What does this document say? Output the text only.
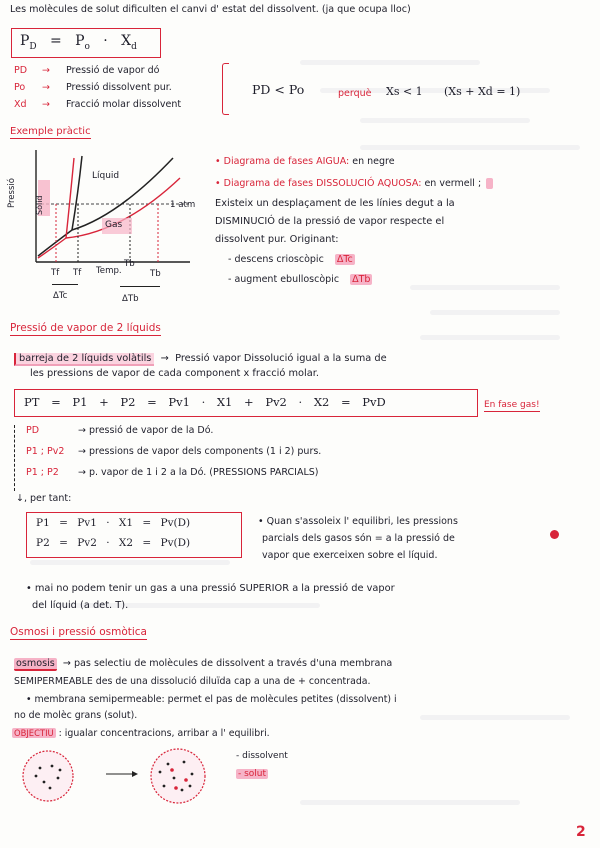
Les molècules de solut dificulten el canvi d' estat del dissolvent. (ja que ocupa lloc)
$P_D = P_o \cdot X_d$
PD → Pressió de vapor dó
Po → Pressió dissolvent pur.
Xd → Fracció molar dissolvent
PD < Po	perquè Xs < 1 (Xs + Xd = 1)
Exemple pràctic
Pressió Sòlid
Líquid
Gas
1 atm
Temp.
Tf Tf
Tb
Tb
ΔTc	ΔTb
• Diagrama de fases AIGUA: en negre
• Diagrama de fases DISSOLUCIÓ AQUOSA: en vermell ;
Existeix un desplaçament de les línies degut a la
DISMINUCIÓ de la pressió de vapor respecte el
dissolvent pur. Originant:
- descens crioscòpic ΔTc
- augment ebulloscòpic ΔTb
Pressió de vapor de 2 líquids
barreja de 2 líquids volàtils → Pressió vapor Dissolució igual a la suma de
les pressions de vapor de cada component x fracció molar.
PT = P1 + P2 = Pv1 · X1 + Pv2 · X2 = PvD	En fase gas!
PD	→ pressió de vapor de la Dó.
P1 ; Pv2 → pressions de vapor dels components (1 i 2) purs.
P1 ; P2 → p. vapor de 1 i 2 a la Dó. (PRESSIONS PARCIALS)
↓, per tant:
P1 = Pv1 · X1 = Pv(D)
P2 = Pv2 · X2 = Pv(D)
• Quan s'assoleix l' equilibri, les pressions
parcials dels gasos són = a la pressió de
vapor que exerceixen sobre el líquid.
• mai no podem tenir un gas a una pressió SUPERIOR a la pressió de vapor
del líquid (a det. T).
Osmosi i pressió osmòtica
osmosis → pas selectiu de molècules de dissolvent a través d'una membrana
SEMIPERMEABLE des de una dissolució diluïda cap a una de + concentrada.
• membrana semipermeable: permet el pas de molècules petites (dissolvent) i
no de molèc grans (solut).
OBJECTIU : igualar concentracions, arribar a l' equilibri.
- dissolvent
- solut
2
